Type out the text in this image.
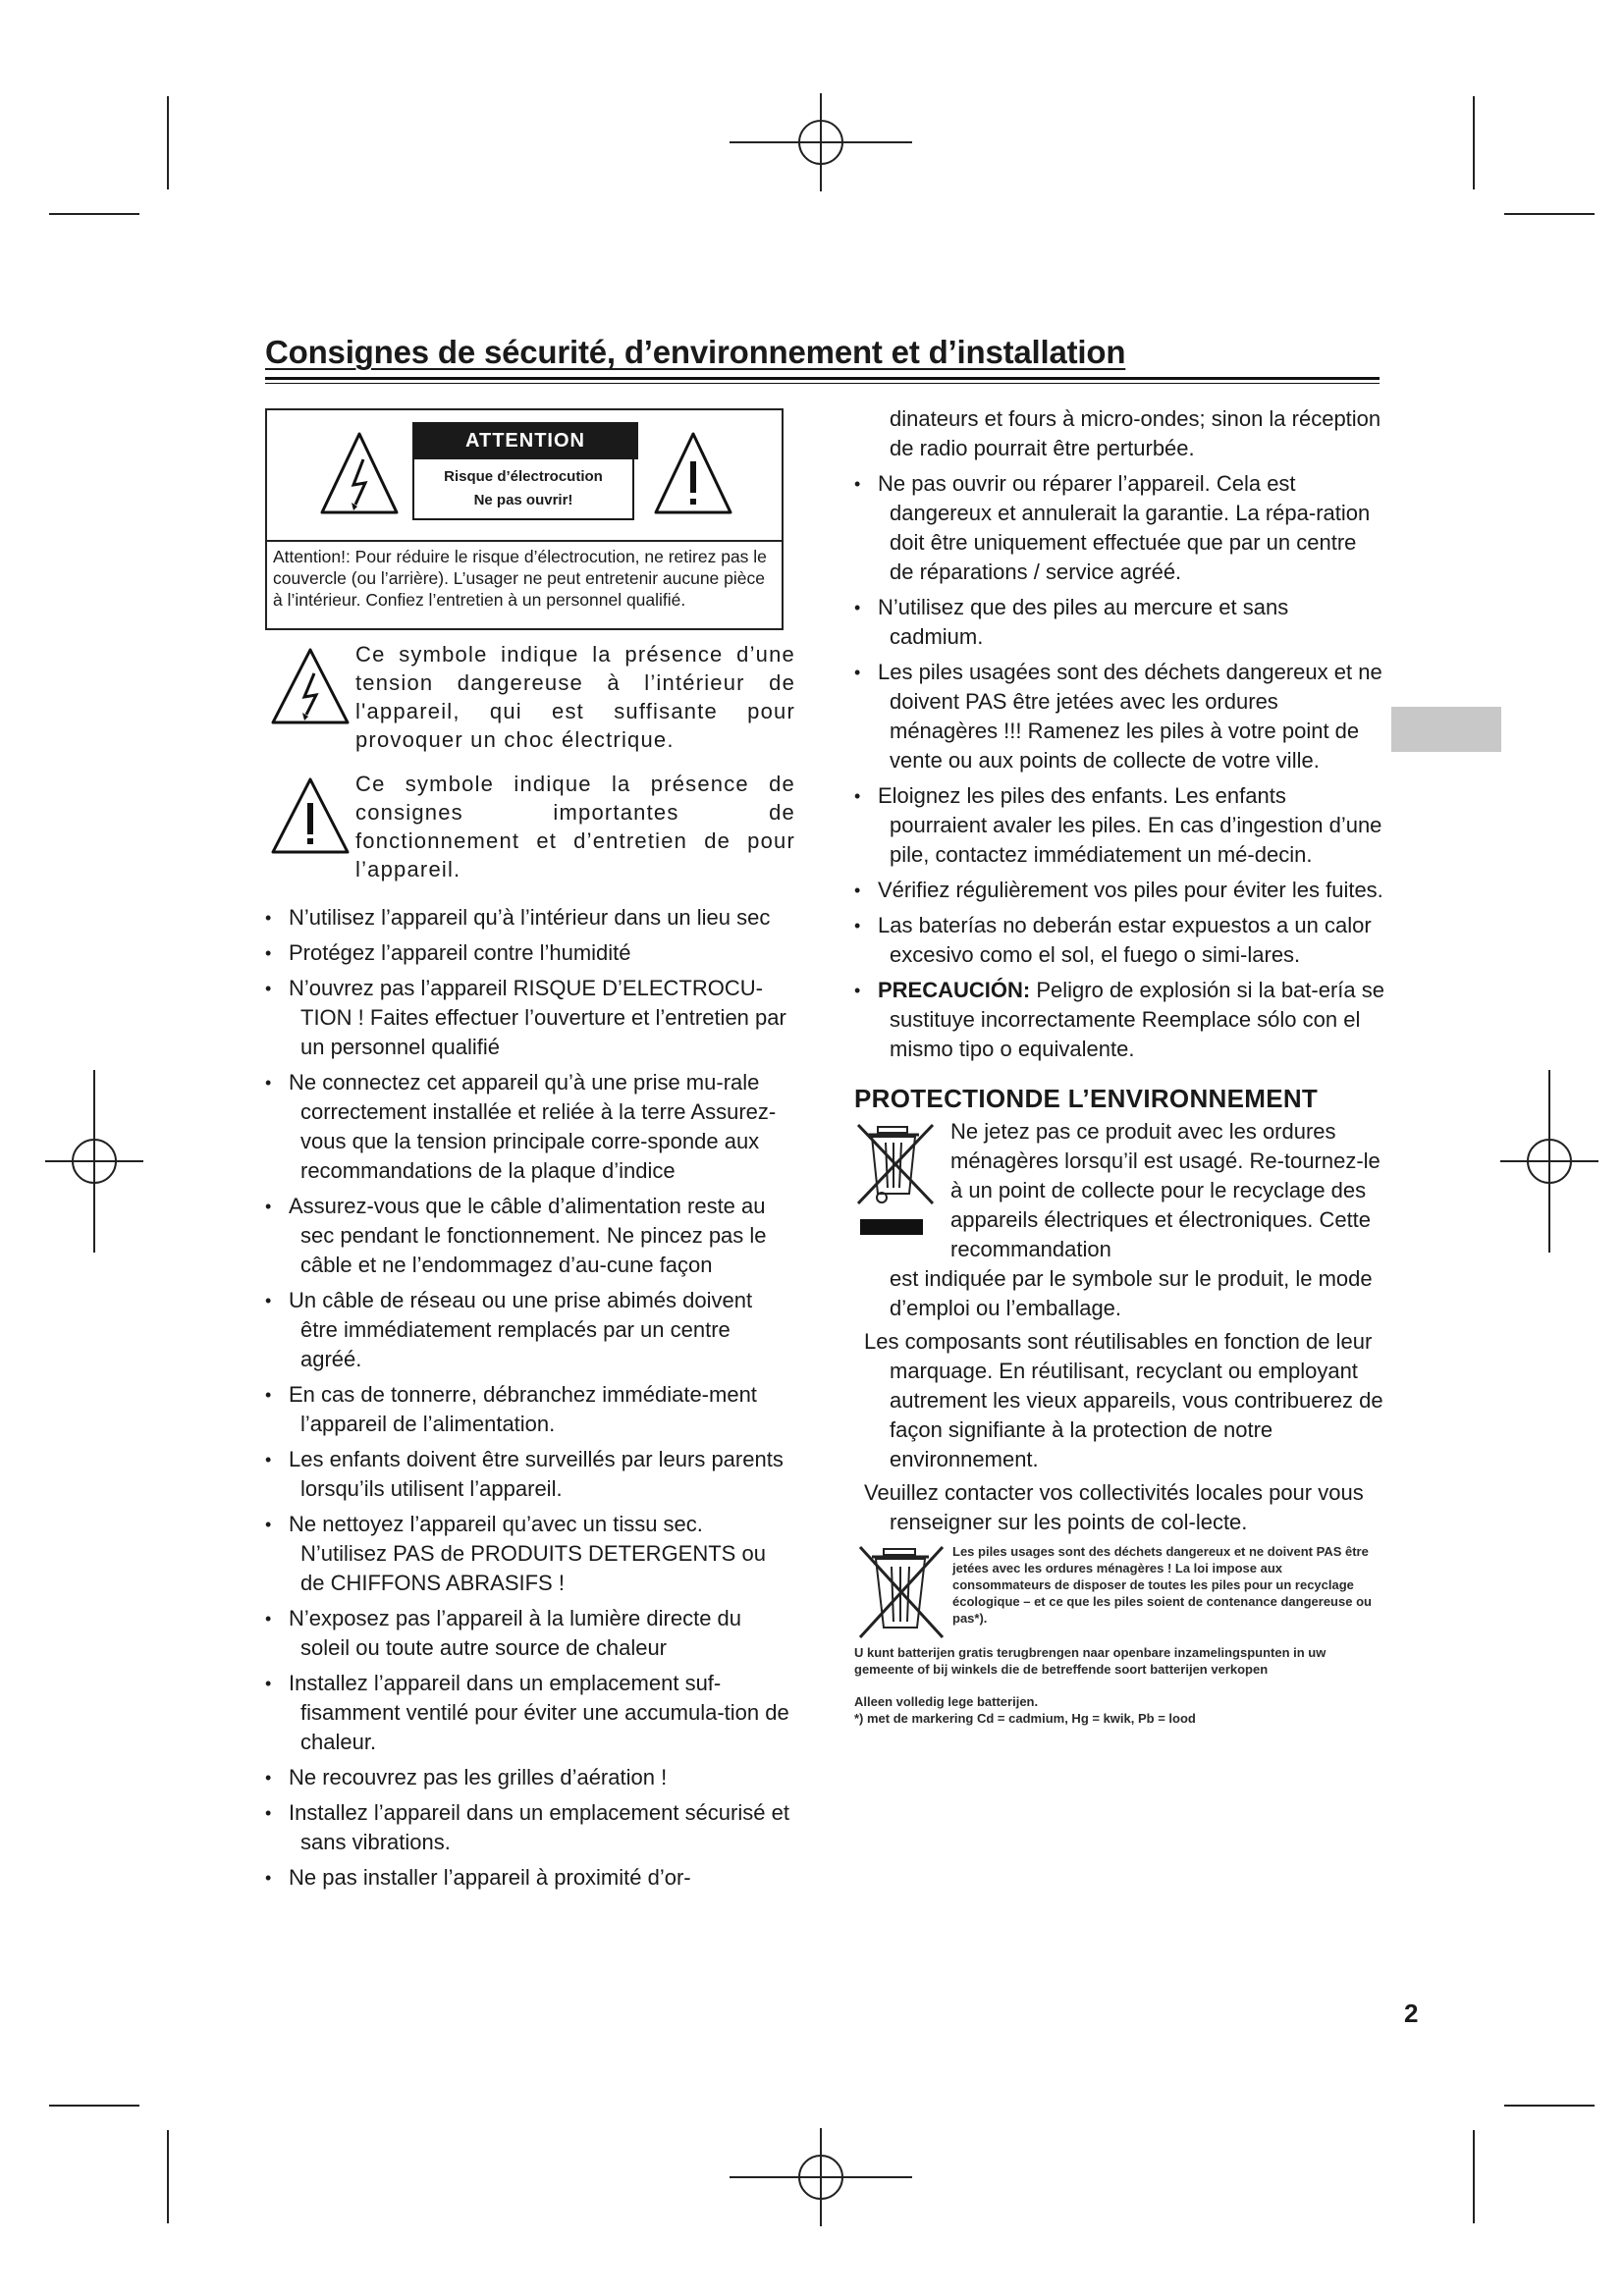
Consignes de sécurité, d’environnement et d’installation
ATTENTION
Risque d’électrocution
Ne pas ouvrir!
Attention!: Pour réduire le risque d’électrocution, ne retirez pas le couvercle (ou l’arrière). L’usager ne peut entretenir aucune pièce à l’intérieur. Confiez l’entretien à un personnel qualifié.
Ce symbole indique la présence d’une tension dangereuse à l’intérieur de l'appareil, qui est suffisante pour provoquer un choc électrique.
Ce symbole indique la présence de consignes importantes de fonctionnement et d’entretien de pour l’appareil.
• N’utilisez l’appareil qu’à l’intérieur dans un lieu sec
• Protégez l’appareil contre l’humidité
• N’ouvrez pas l’appareil RISQUE D’ELECTROCU-TION ! Faites effectuer l’ouverture et l’entretien par un personnel qualifié
• Ne connectez cet appareil qu’à une prise mu-rale correctement installée et reliée à la terre Assurez-vous que la tension principale corre-sponde aux recommandations de la plaque d’indice
• Assurez-vous que le câble d’alimentation reste au sec pendant le fonctionnement. Ne pincez pas le câble et ne l’endommagez d’au-cune façon
• Un câble de réseau ou une prise abimés doivent être immédiatement remplacés par un centre agréé.
• En cas de tonnerre, débranchez immédiate-ment l’appareil de l’alimentation.
• Les enfants doivent être surveillés par leurs parents lorsqu’ils utilisent l’appareil.
• Ne nettoyez l’appareil qu’avec un tissu sec. N’utilisez PAS de PRODUITS DETERGENTS ou de CHIFFONS ABRASIFS !
• N’exposez pas l’appareil à la lumière directe du soleil ou toute autre source de chaleur
• Installez l’appareil dans un emplacement suf-fisamment ventilé pour éviter une accumula-tion de chaleur.
• Ne recouvrez pas les grilles d’aération !
• Installez l’appareil dans un emplacement sécurisé et sans vibrations.
• Ne pas installer l’appareil à proximité d’or-
dinateurs et fours à micro-ondes; sinon la réception de radio pourrait être perturbée.
• Ne pas ouvrir ou réparer l’appareil. Cela est dangereux et annulerait la garantie. La répa-ration doit être uniquement effectuée que par un centre de réparations / service agréé.
• N’utilisez que des piles au mercure et sans cadmium.
• Les piles usagées sont des déchets dangereux et ne doivent PAS être jetées avec les ordures ménagères !!! Ramenez les piles à votre point de vente ou aux points de collecte de votre ville.
• Eloignez les piles des enfants. Les enfants pourraient avaler les piles. En cas d’ingestion d’une pile, contactez immédiatement un mé-decin.
• Vérifiez régulièrement vos piles pour éviter les fuites.
• Las baterías no deberán estar expuestos a un calor excesivo como el sol, el fuego o simi-lares.
• PRECAUCIÓN: Peligro de explosión si la bat-ería se sustituye incorrectamente Reemplace sólo con el mismo tipo o equivalente.
PROTECTIONDE L’ENVIRONNEMENT
Ne jetez pas ce produit avec les ordures ménagères lorsqu’il est usagé. Re-tournez-le à un point de collecte pour le recyclage des appareils électriques et électroniques. Cette recommandation
est indiquée par le symbole sur le produit, le mode d’emploi ou l’emballage.
Les composants sont réutilisables en fonction de leur marquage. En réutilisant, recyclant ou employant autrement les vieux appareils, vous contribuerez de façon signifiante à la protection de notre environnement.
Veuillez contacter vos collectivités locales pour vous renseigner sur les points de col-lecte.
Les piles usages sont des déchets dangereux et ne doivent PAS être jetées avec les ordures ménagères ! La loi impose aux consommateurs de disposer de toutes les piles pour un recyclage écologique – et ce que les piles soient de contenance dangereuse ou pas*).
U kunt batterijen gratis terugbrengen naar openbare inzamelingspunten in uw gemeente of bij winkels die de betreffende soort batterijen verkopen
Alleen volledig lege batterijen.
*) met de markering Cd = cadmium, Hg = kwik, Pb = lood
2
